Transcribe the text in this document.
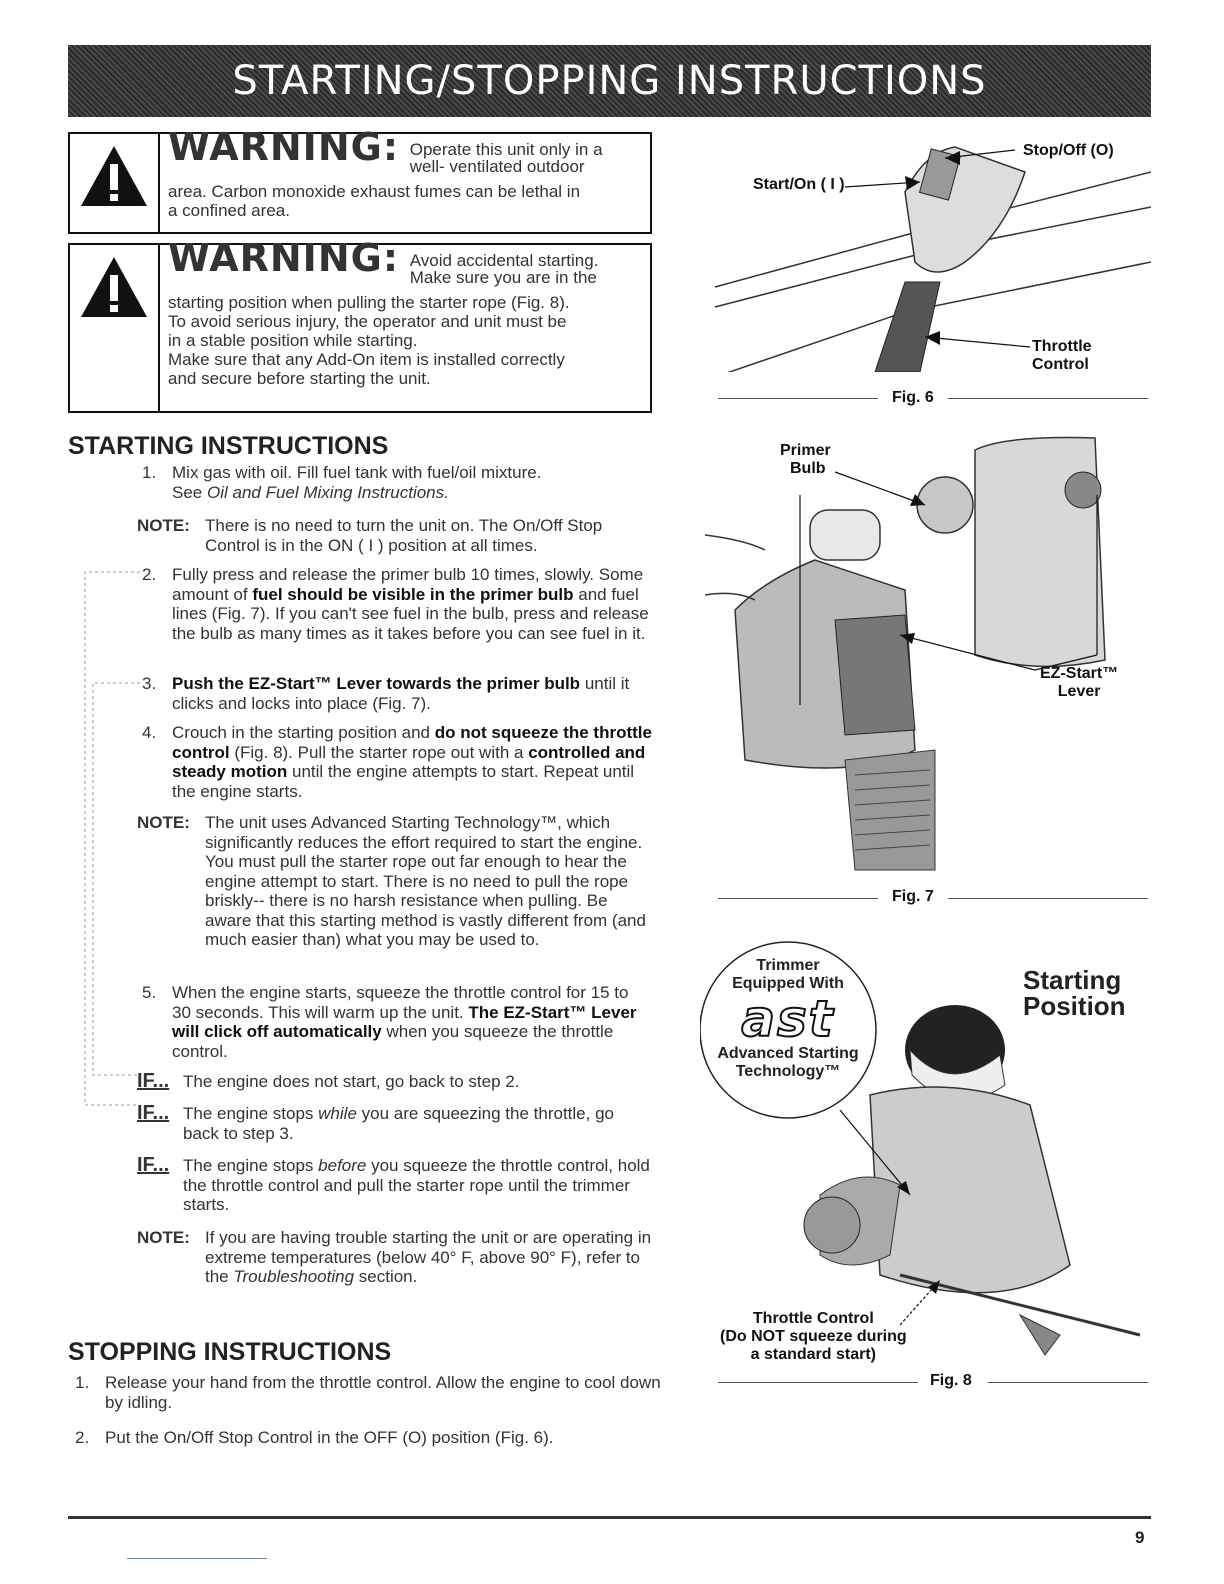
STARTING/STOPPING INSTRUCTIONS
WARNING: Operate this unit only in a
well- ventilated outdoor
area. Carbon monoxide exhaust fumes can be lethal in
a confined area.
WARNING: Avoid accidental starting.
Make sure you are in the
starting position when pulling the starter rope (Fig. 8).
To avoid serious injury, the operator and unit must be
in a stable position while starting.
Make sure that any Add-On item is installed correctly
and secure before starting the unit.
STARTING INSTRUCTIONS
1. Mix gas with oil. Fill fuel tank with fuel/oil mixture.
See Oil and Fuel Mixing Instructions.
NOTE: There is no need to turn the unit on. The On/Off Stop Control is in the ON ( I ) position at all times.
2. Fully press and release the primer bulb 10 times, slowly. Some amount of fuel should be visible in the primer bulb and fuel lines (Fig. 7). If you can't see fuel in the bulb, press and release the bulb as many times as it takes before you can see fuel in it.
3. Push the EZ-Start™ Lever towards the primer bulb until it clicks and locks into place (Fig. 7).
4. Crouch in the starting position and do not squeeze the throttle control (Fig. 8). Pull the starter rope out with a controlled and steady motion until the engine attempts to start. Repeat until the engine starts.
NOTE: The unit uses Advanced Starting Technology™, which significantly reduces the effort required to start the engine. You must pull the starter rope out far enough to hear the engine attempt to start. There is no need to pull the rope briskly-- there is no harsh resistance when pulling. Be aware that this starting method is vastly different from (and much easier than) what you may be used to.
5. When the engine starts, squeeze the throttle control for 15 to 30 seconds. This will warm up the unit. The EZ-Start™ Lever will click off automatically when you squeeze the throttle control.
IF... The engine does not start, go back to step 2.
IF... The engine stops while you are squeezing the throttle, go back to step 3.
IF... The engine stops before you squeeze the throttle control, hold the throttle control and pull the starter rope until the trimmer starts.
NOTE: If you are having trouble starting the unit or are operating in extreme temperatures (below 40° F, above 90° F), refer to the Troubleshooting section.
STOPPING INSTRUCTIONS
1. Release your hand from the throttle control. Allow the engine to cool down by idling.
2. Put the On/Off Stop Control in the OFF (O) position (Fig. 6).
Start/On ( I )
Stop/Off (O)
Throttle
Control
Fig. 6
Primer
Bulb
EZ-Start™
Lever
Fig. 7
Trimmer
Equipped With
ast
Advanced Starting
Technology™
Starting
Position
Throttle Control
(Do NOT squeeze during
a standard start)
Fig. 8
9
